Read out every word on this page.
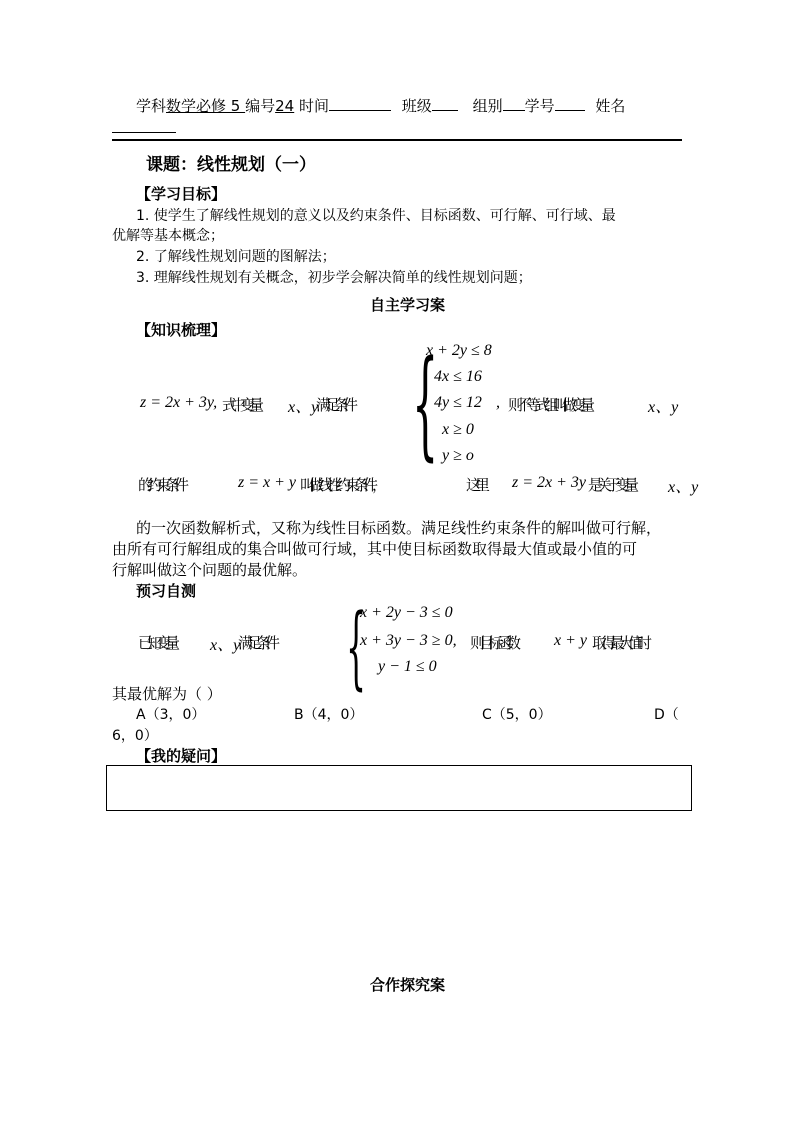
学科数学必修 5 编号24 时间	班级	组别 学号	姓名
课题：线性规划（一）
【学习目标】
1. 使学生了解线性规划的意义以及约束条件、目标函数、可行解、可行域、最
优解等基本概念；
2. 了解线性规划问题的图解法；
3. 理解线性规划有关概念，初步学会解决简单的线性规划问题；
自主学习案
【知识梳理】
z = 2x + 3y, 式中变量 x、y
满足条件 {
x + 2y ≤ 8
4x ≤ 16
4y ≤ 12 ,
x ≥ 0
y ≥ o
则不等式组叫做变量	x、y
的约束条件	z = x + y 叫做线性约束条件，	这里 z = 2x + 3y 是关于变量 x、y
的一次函数解析式，又称为线性目标函数。满足线性约束条件的解叫做可行解，
由所有可行解组成的集合叫做可行域，其中使目标函数取得最大值或最小值的可
行解叫做这个问题的最优解。
预习自测
已知变量 x、y
满足条件 {
x + 2y − 3 ≤ 0
x + 3y − 3 ≥ 0,
y − 1 ≤ 0
则目标函数 x + y 取得最大值时
其最优解为（ ）
A（3，0）	B（4，0）	C（5，0）	D（
6，0）
【我的疑问】
合作探究案
